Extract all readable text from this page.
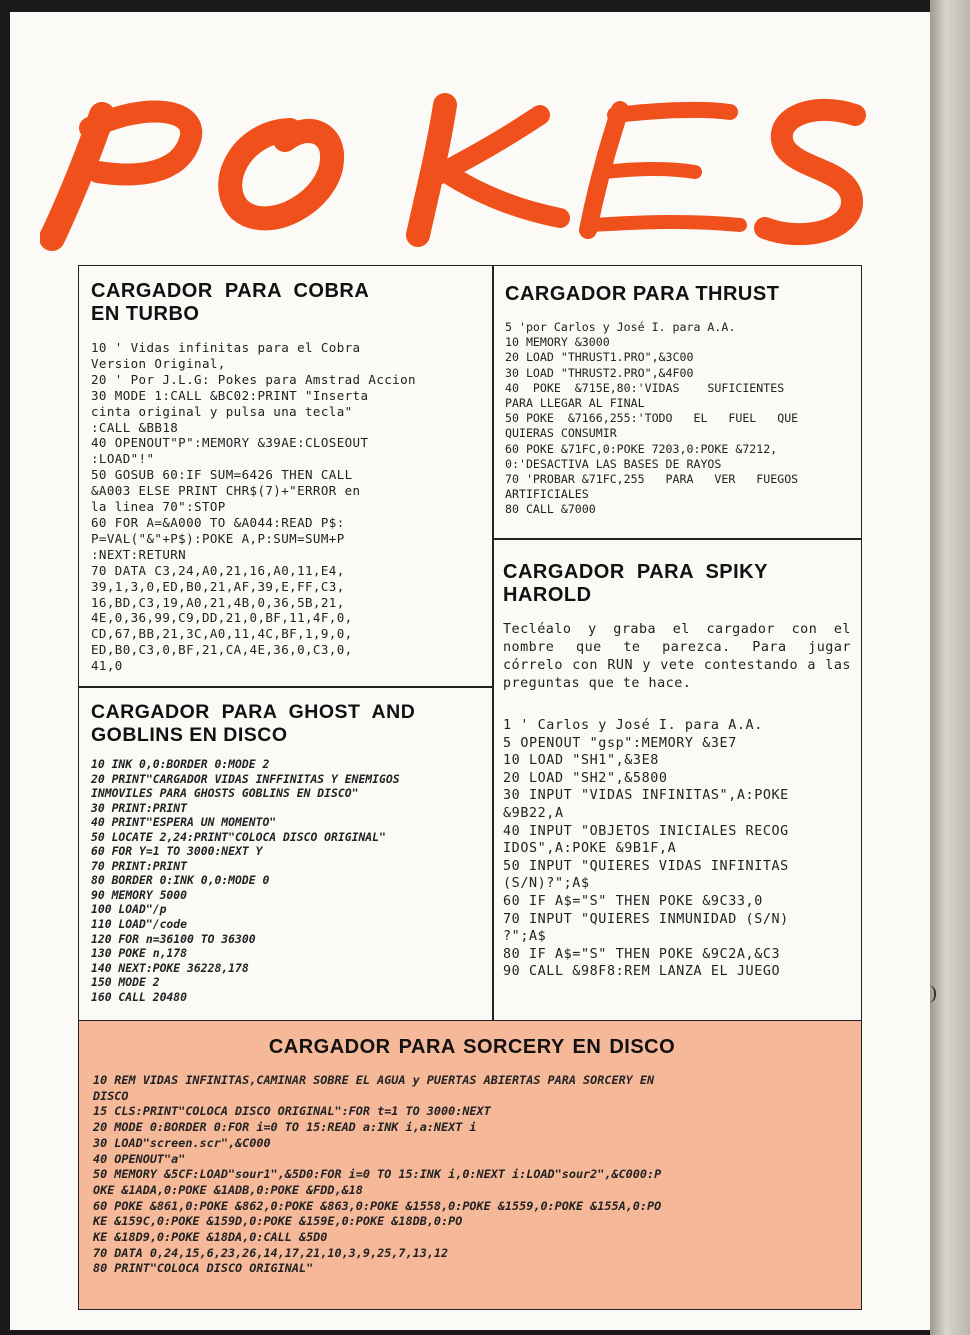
CARGADOR  PARA  COBRA
EN TURBO
10 ' Vidas infinitas para el Cobra
Version Original,
20 ' Por J.L.G: Pokes para Amstrad Accion
30 MODE 1:CALL &BC02:PRINT "Inserta
cinta original y pulsa una tecla"
:CALL &BB18
40 OPENOUT"P":MEMORY &39AE:CLOSEOUT
:LOAD"!"
50 GOSUB 60:IF SUM=6426 THEN CALL
&A003 ELSE PRINT CHR$(7)+"ERROR en
la linea 70":STOP
60 FOR A=&A000 TO &A044:READ P$:
P=VAL("&"+P$):POKE A,P:SUM=SUM+P
:NEXT:RETURN
70 DATA C3,24,A0,21,16,A0,11,E4,
39,1,3,0,ED,B0,21,AF,39,E,FF,C3,
16,BD,C3,19,A0,21,4B,0,36,5B,21,
4E,0,36,99,C9,DD,21,0,BF,11,4F,0,
CD,67,BB,21,3C,A0,11,4C,BF,1,9,0,
ED,B0,C3,0,BF,21,CA,4E,36,0,C3,0,
41,0
CARGADOR PARA THRUST
5 'por Carlos y José I. para A.A.
10 MEMORY &3000
20 LOAD "THRUST1.PRO",&3C00
30 LOAD "THRUST2.PRO",&4F00
40  POKE  &715E,80:'VIDAS    SUFICIENTES
PARA LLEGAR AL FINAL
50 POKE  &7166,255:'TODO   EL   FUEL   QUE
QUIERAS CONSUMIR
60 POKE &71FC,0:POKE 7203,0:POKE &7212,
0:'DESACTIVA LAS BASES DE RAYOS
70 'PROBAR &71FC,255   PARA   VER   FUEGOS
ARTIFICIALES
80 CALL &7000
CARGADOR  PARA  SPIKY
HAROLD
Tecléalo y graba el cargador con el nombre que te parezca. Para jugar córrelo con RUN y vete contestando a las preguntas que te hace.
1 ' Carlos y José I. para A.A.
5 OPENOUT "gsp":MEMORY &3E7
10 LOAD "SH1",&3E8
20 LOAD "SH2",&5800
30 INPUT "VIDAS INFINITAS",A:POKE
&9B22,A
40 INPUT "OBJETOS INICIALES RECOG
IDOS",A:POKE &9B1F,A
50 INPUT "QUIERES VIDAS INFINITAS
(S/N)?";A$
60 IF A$="S" THEN POKE &9C33,0
70 INPUT "QUIERES INMUNIDAD (S/N)
?";A$
80 IF A$="S" THEN POKE &9C2A,&C3
90 CALL &98F8:REM LANZA EL JUEGO
CARGADOR  PARA  GHOST  AND
GOBLINS EN DISCO
10 INK 0,0:BORDER 0:MODE 2
20 PRINT"CARGADOR VIDAS INFFINITAS Y ENEMIGOS
INMOVILES PARA GHOSTS GOBLINS EN DISCO"
30 PRINT:PRINT
40 PRINT"ESPERA UN MOMENTO"
50 LOCATE 2,24:PRINT"COLOCA DISCO ORIGINAL"
60 FOR Y=1 TO 3000:NEXT Y
70 PRINT:PRINT
80 BORDER 0:INK 0,0:MODE 0
90 MEMORY 5000
100 LOAD"/p
110 LOAD"/code
120 FOR n=36100 TO 36300
130 POKE n,178
140 NEXT:POKE 36228,178
150 MODE 2
160 CALL 20480
CARGADOR PARA SORCERY EN DISCO
10 REM VIDAS INFINITAS,CAMINAR SOBRE EL AGUA y PUERTAS ABIERTAS PARA SORCERY EN
DISCO
15 CLS:PRINT"COLOCA DISCO ORIGINAL":FOR t=1 TO 3000:NEXT
20 MODE 0:BORDER 0:FOR i=0 TO 15:READ a:INK i,a:NEXT i
30 LOAD"screen.scr",&C000
40 OPENOUT"a"
50 MEMORY &5CF:LOAD"sour1",&5D0:FOR i=0 TO 15:INK i,0:NEXT i:LOAD"sour2",&C000:P
OKE &1ADA,0:POKE &1ADB,0:POKE &FDD,&18
60 POKE &861,0:POKE &862,0:POKE &863,0:POKE &1558,0:POKE &1559,0:POKE &155A,0:PO
KE &159C,0:POKE &159D,0:POKE &159E,0:POKE &18DB,0:PO
KE &18D9,0:POKE &18DA,0:CALL &5D0
70 DATA 0,24,15,6,23,26,14,17,21,10,3,9,25,7,13,12
80 PRINT"COLOCA DISCO ORIGINAL"
